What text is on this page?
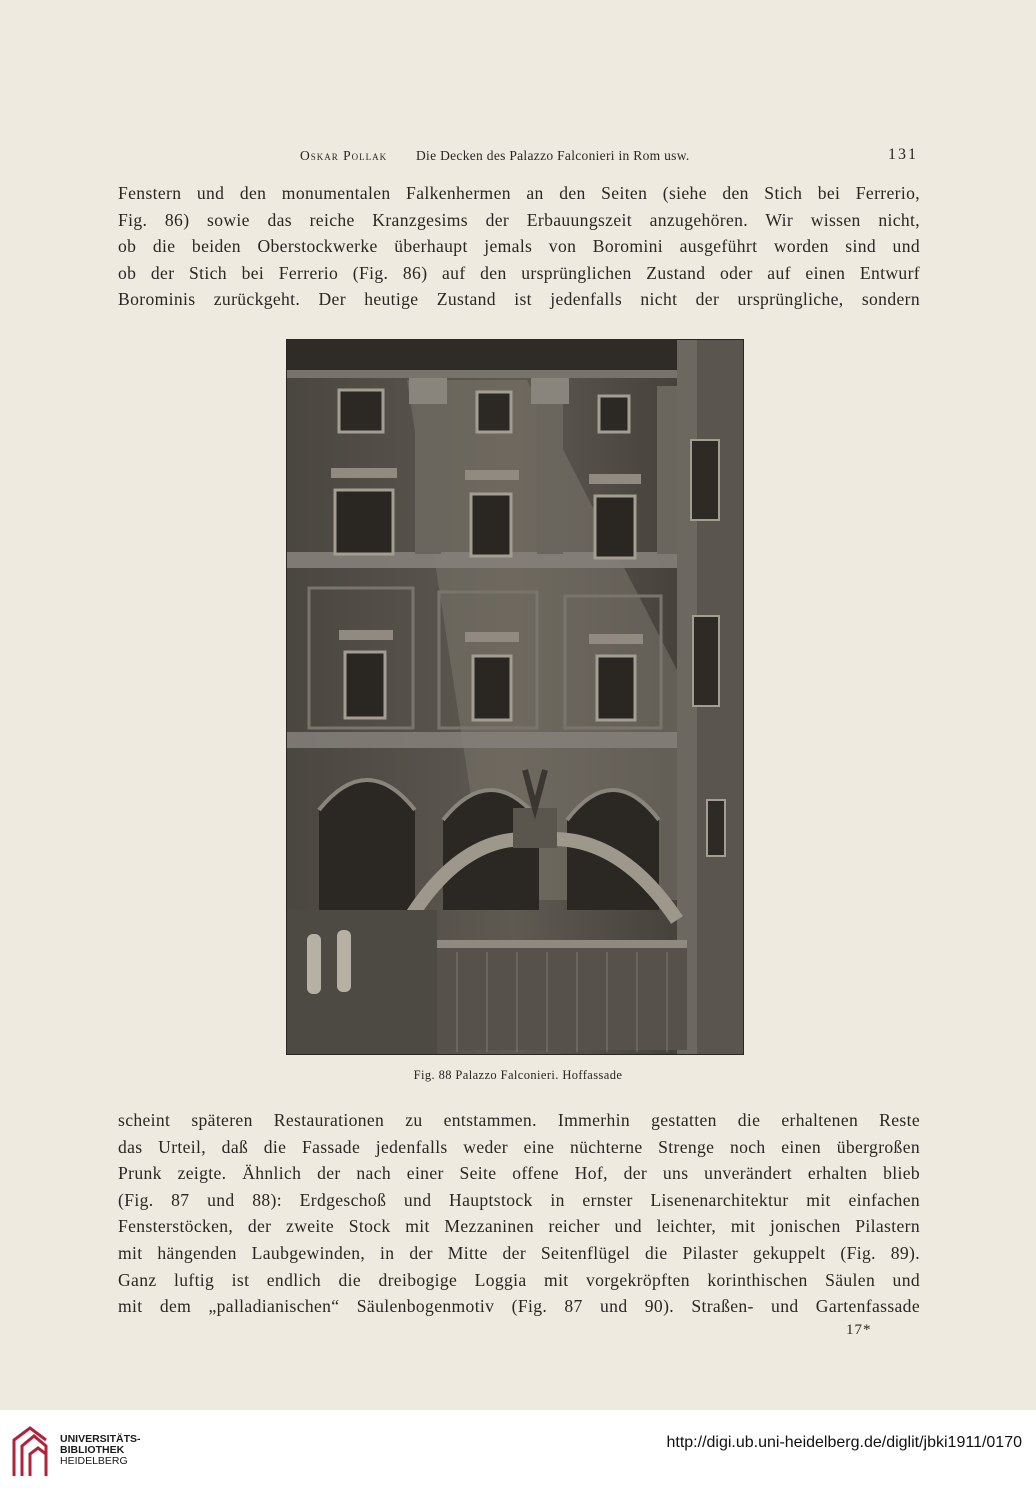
Oskar Pollak Die Decken des Palazzo Falconieri in Rom usw.	131
Fenstern und den monumentalen Falkenhermen an den Seiten (siehe den Stich bei Ferrerio,
Fig. 86) sowie das reiche Kranzgesims der Erbauungszeit anzugehören. Wir wissen nicht,
ob die beiden Oberstockwerke überhaupt jemals von Boromini ausgeführt worden sind und
ob der Stich bei Ferrerio (Fig. 86) auf den ursprünglichen Zustand oder auf einen Entwurf
Borominis zurückgeht. Der heutige Zustand ist jedenfalls nicht der ursprüngliche, sondern
Fig. 88 Palazzo Falconieri. Hoffassade
scheint späteren Restaurationen zu entstammen. Immerhin gestatten die erhaltenen Reste
das Urteil, daß die Fassade jedenfalls weder eine nüchterne Strenge noch einen übergroßen
Prunk zeigte. Ähnlich der nach einer Seite offene Hof, der uns unverändert erhalten blieb
(Fig. 87 und 88): Erdgeschoß und Hauptstock in ernster Lisenenarchitektur mit einfachen
Fensterstöcken, der zweite Stock mit Mezzaninen reicher und leichter, mit jonischen Pilastern
mit hängenden Laubgewinden, in der Mitte der Seitenflügel die Pilaster gekuppelt (Fig. 89).
Ganz luftig ist endlich die dreibogige Loggia mit vorgekröpften korinthischen Säulen und
mit dem „palladianischen“ Säulenbogenmotiv (Fig. 87 und 90). Straßen- und Gartenfassade
17*
UNIVERSITÄTS-
BIBLIOTHEK
HEIDELBERG
http://digi.ub.uni-heidelberg.de/diglit/jbki1911/0170
